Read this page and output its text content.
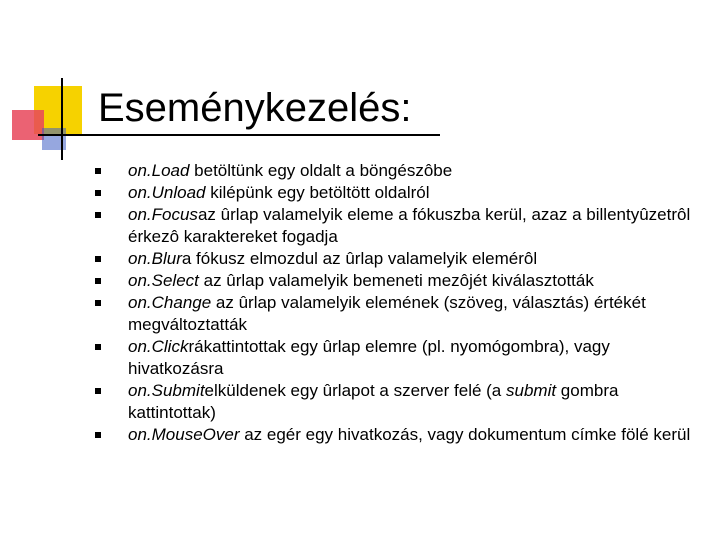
Eseménykezelés:
on.Load betöltünk egy oldalt a böngészôbe
on.Unload kilépünk egy betöltött oldalról
on.Focusaz ûrlap valamelyik eleme a fókuszba kerül, azaz a billentyûzetrôl érkezô karaktereket fogadja
on.Blura fókusz elmozdul az ûrlap valamelyik elemérôl
on.Select az ûrlap valamelyik bemeneti mezôjét kiválasztották
on.Change az ûrlap valamelyik elemének (szöveg, választás) értékét megváltoztatták
on.Clickrákattintottak egy ûrlap elemre (pl. nyomógombra), vagy hivatkozásra
on.Submitelküldenek egy ûrlapot a szerver felé (a submit gombra kattintottak)
on.MouseOver az egér egy hivatkozás, vagy dokumentum címke fölé kerül
